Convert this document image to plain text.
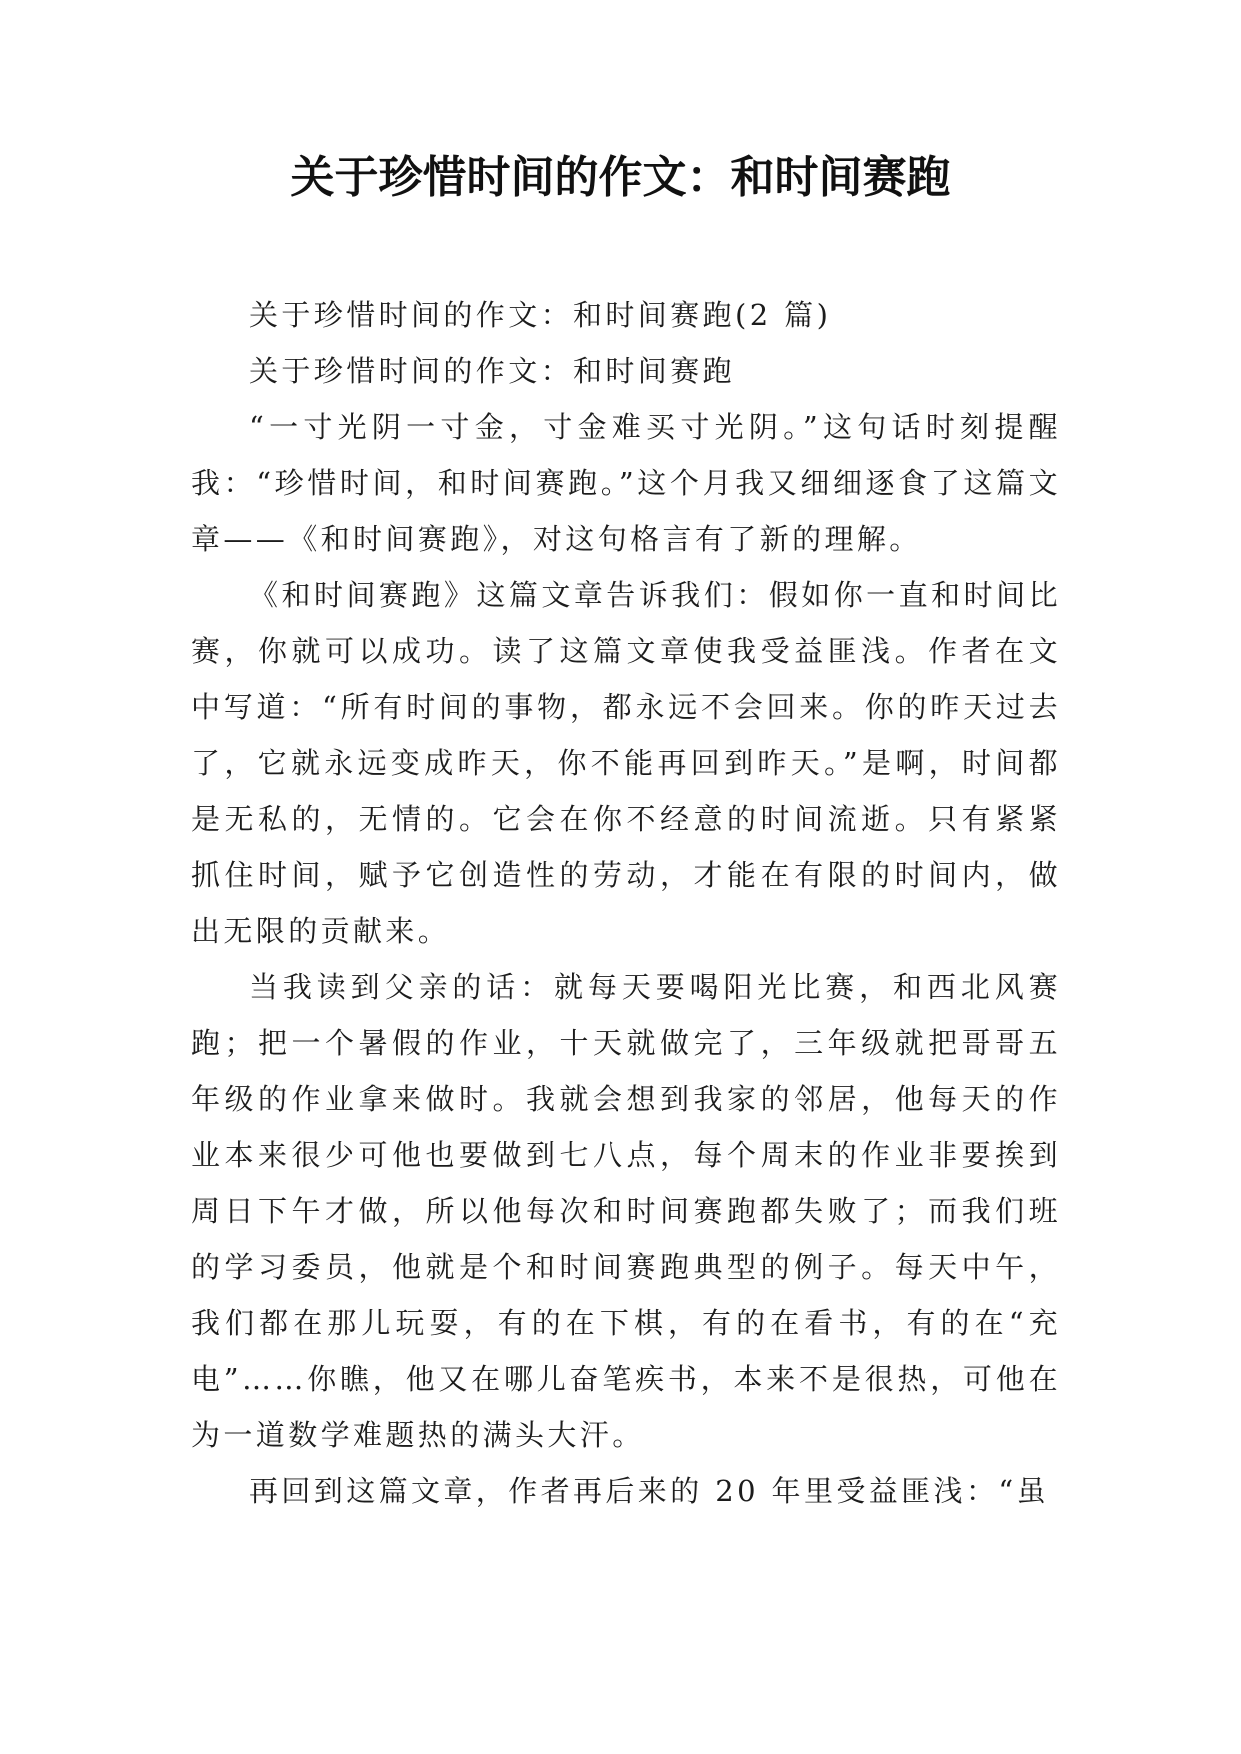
关于珍惜时间的作文：和时间赛跑

关于珍惜时间的作文：和时间赛跑(2 篇)

关于珍惜时间的作文：和时间赛跑

“一寸光阴一寸金，寸金难买寸光阴。”这句话时刻提醒我：“珍惜时间，和时间赛跑。”这个月我又细细逐食了这篇文章——《和时间赛跑》，对这句格言有了新的理解。

《和时间赛跑》这篇文章告诉我们：假如你一直和时间比赛，你就可以成功。读了这篇文章使我受益匪浅。作者在文中写道：“所有时间的事物，都永远不会回来。你的昨天过去了，它就永远变成昨天，你不能再回到昨天。”是啊，时间都是无私的，无情的。它会在你不经意的时间流逝。只有紧紧抓住时间，赋予它创造性的劳动，才能在有限的时间内，做出无限的贡献来。

当我读到父亲的话：就每天要喝阳光比赛，和西北风赛跑；把一个暑假的作业，十天就做完了，三年级就把哥哥五年级的作业拿来做时。我就会想到我家的邻居，他每天的作业本来很少可他也要做到七八点，每个周末的作业非要挨到周日下午才做，所以他每次和时间赛跑都失败了；而我们班的学习委员，他就是个和时间赛跑典型的例子。每天中午，我们都在那儿玩耍，有的在下棋，有的在看书，有的在“充电”……你瞧，他又在哪儿奋笔疾书，本来不是很热，可他在为一道数学难题热的满头大汗。

再回到这篇文章，作者再后来的 20 年里受益匪浅：“虽
